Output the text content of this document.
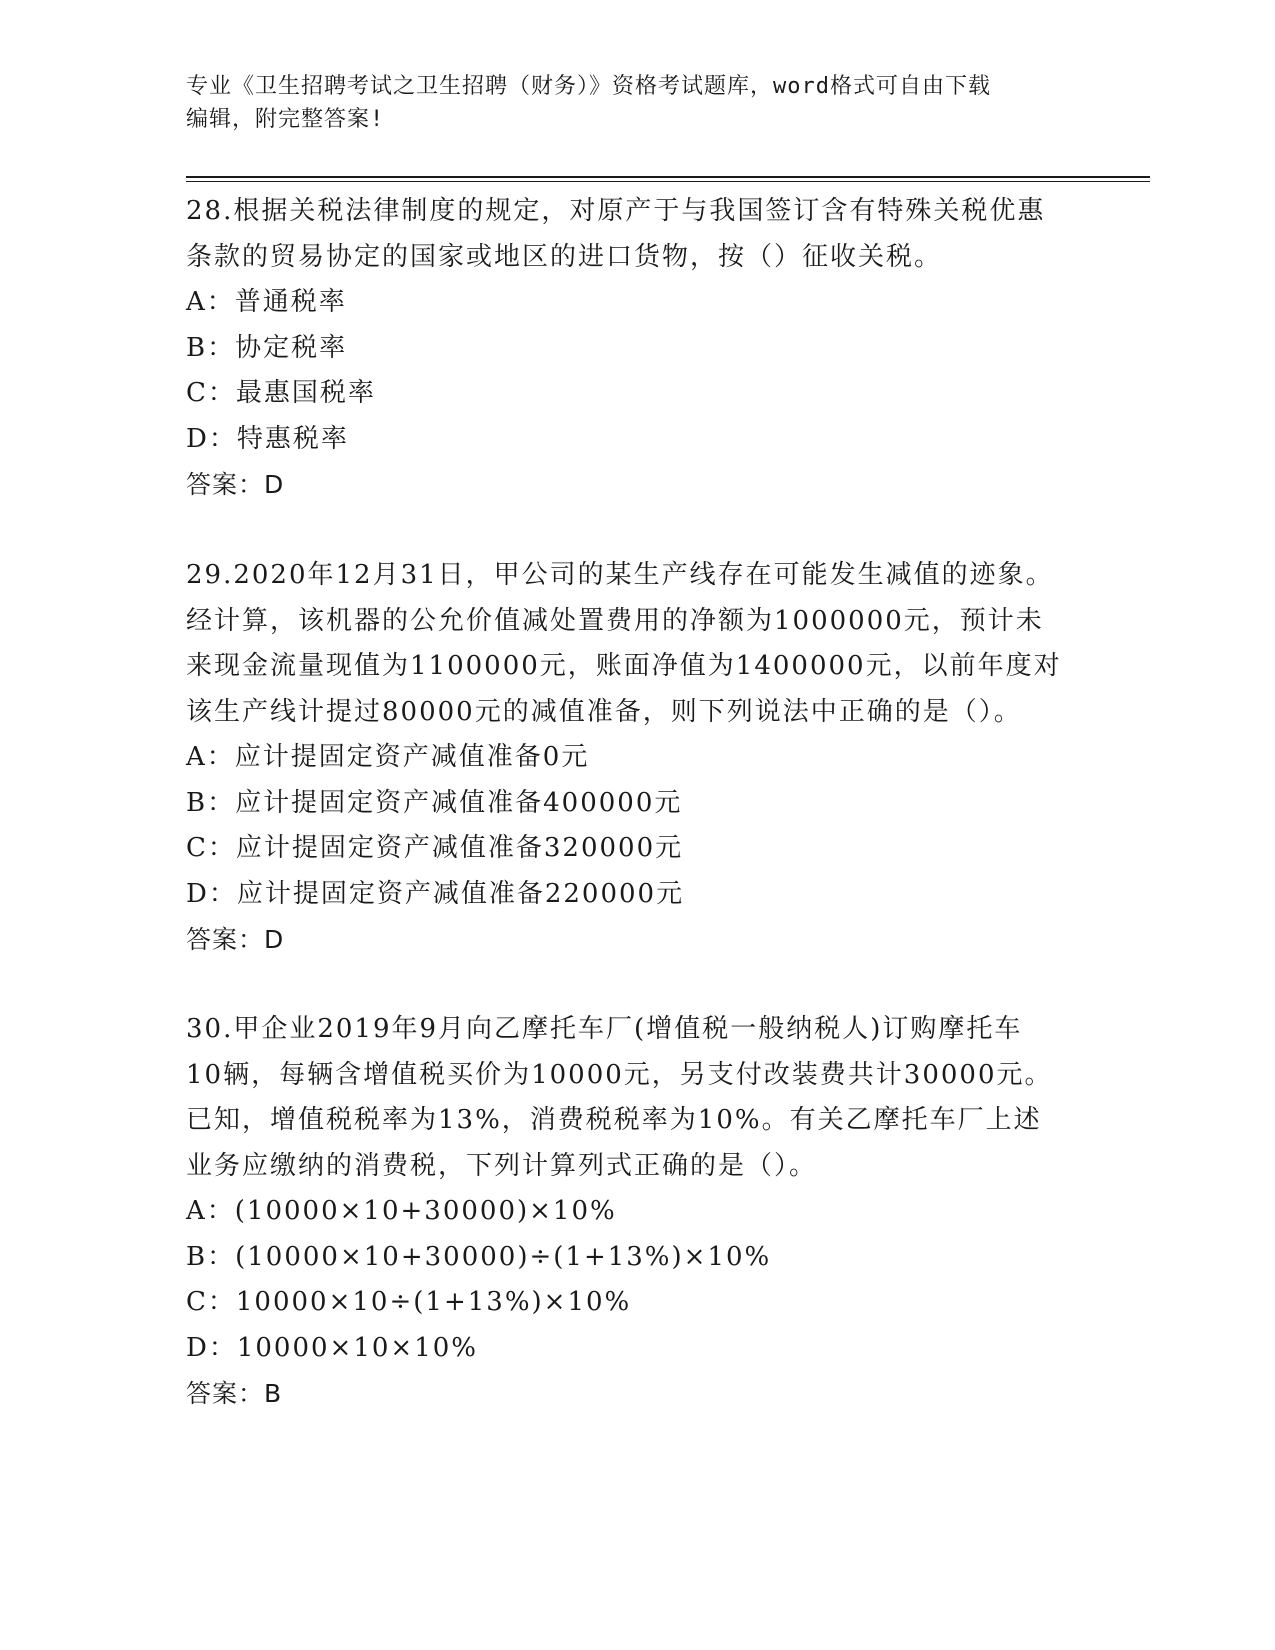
专业《卫生招聘考试之卫生招聘（财务）》资格考试题库，word格式可自由下载
编辑，附完整答案!
28.根据关税法律制度的规定，对原产于与我国签订含有特殊关税优惠
条款的贸易协定的国家或地区的进口货物，按（）征收关税。
A：普通税率
B：协定税率
C：最惠国税率
D：特惠税率
答案：D
29.2020年12月31日，甲公司的某生产线存在可能发生减值的迹象。
经计算，该机器的公允价值减处置费用的净额为1000000元，预计未
来现金流量现值为1100000元，账面净值为1400000元，以前年度对
该生产线计提过80000元的减值准备，则下列说法中正确的是（）。
A：应计提固定资产减值准备0元
B：应计提固定资产减值准备400000元
C：应计提固定资产减值准备320000元
D：应计提固定资产减值准备220000元
答案：D
30.甲企业2019年9月向乙摩托车厂(增值税一般纳税人)订购摩托车
10辆，每辆含增值税买价为10000元，另支付改装费共计30000元。
已知，增值税税率为13%，消费税税率为10%。有关乙摩托车厂上述
业务应缴纳的消费税，下列计算列式正确的是（）。
A：(10000×10+30000)×10%
B：(10000×10+30000)÷(1+13%)×10%
C：10000×10÷(1+13%)×10%
D：10000×10×10%
答案：B
